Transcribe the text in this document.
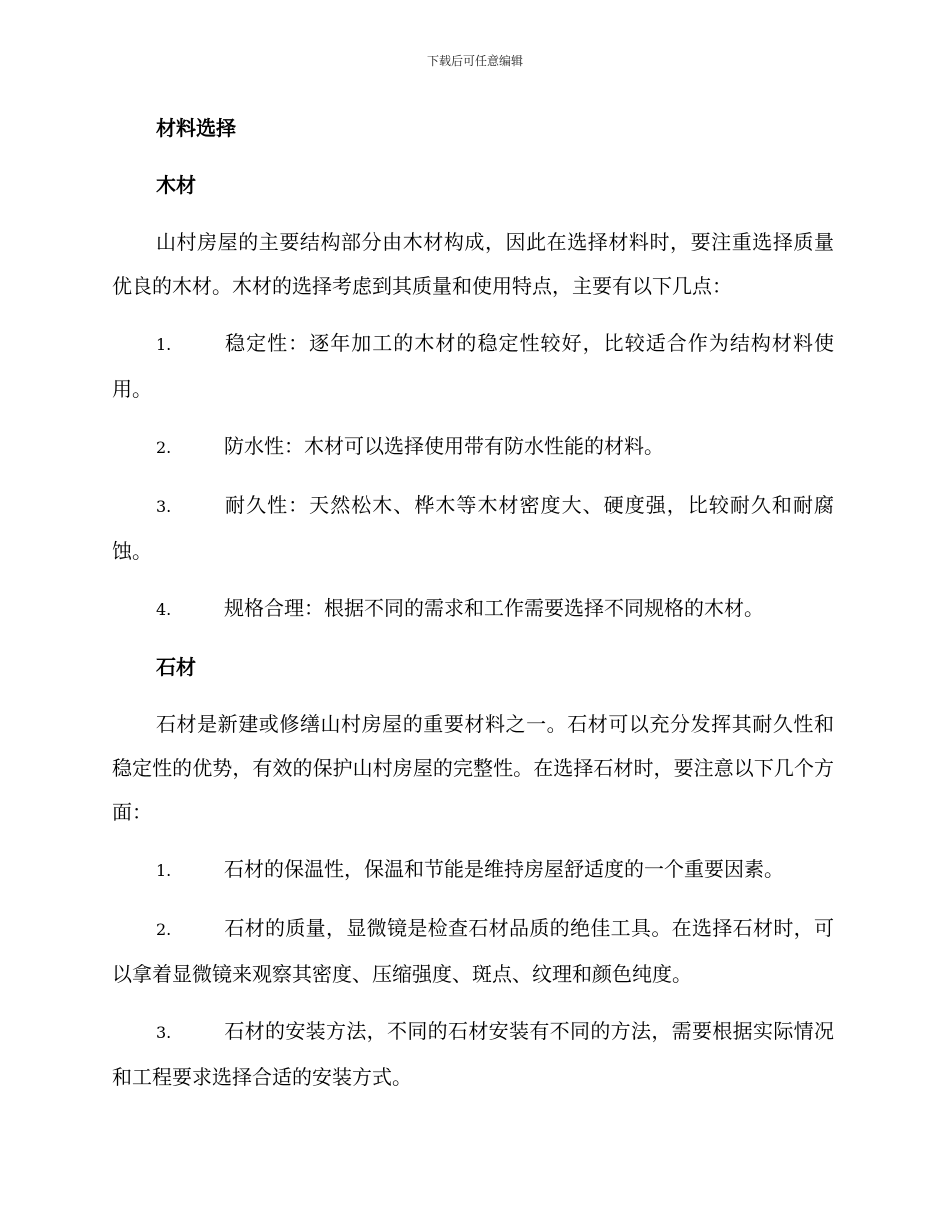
下载后可任意编辑
材料选择
木材
山村房屋的主要结构部分由木材构成，因此在选择材料时，要注重选择质量优良的木材。木材的选择考虑到其质量和使用特点，主要有以下几点：
1.	稳定性：逐年加工的木材的稳定性较好，比较适合作为结构材料使用。
2.	防水性：木材可以选择使用带有防水性能的材料。
3.	耐久性：天然松木、桦木等木材密度大、硬度强，比较耐久和耐腐蚀。
4.	规格合理：根据不同的需求和工作需要选择不同规格的木材。
石材
石材是新建或修缮山村房屋的重要材料之一。石材可以充分发挥其耐久性和稳定性的优势，有效的保护山村房屋的完整性。在选择石材时，要注意以下几个方面：
1.	石材的保温性，保温和节能是维持房屋舒适度的一个重要因素。
2.	石材的质量，显微镜是检查石材品质的绝佳工具。在选择石材时，可以拿着显微镜来观察其密度、压缩强度、斑点、纹理和颜色纯度。
3.	石材的安装方法，不同的石材安装有不同的方法，需要根据实际情况和工程要求选择合适的安装方式。
